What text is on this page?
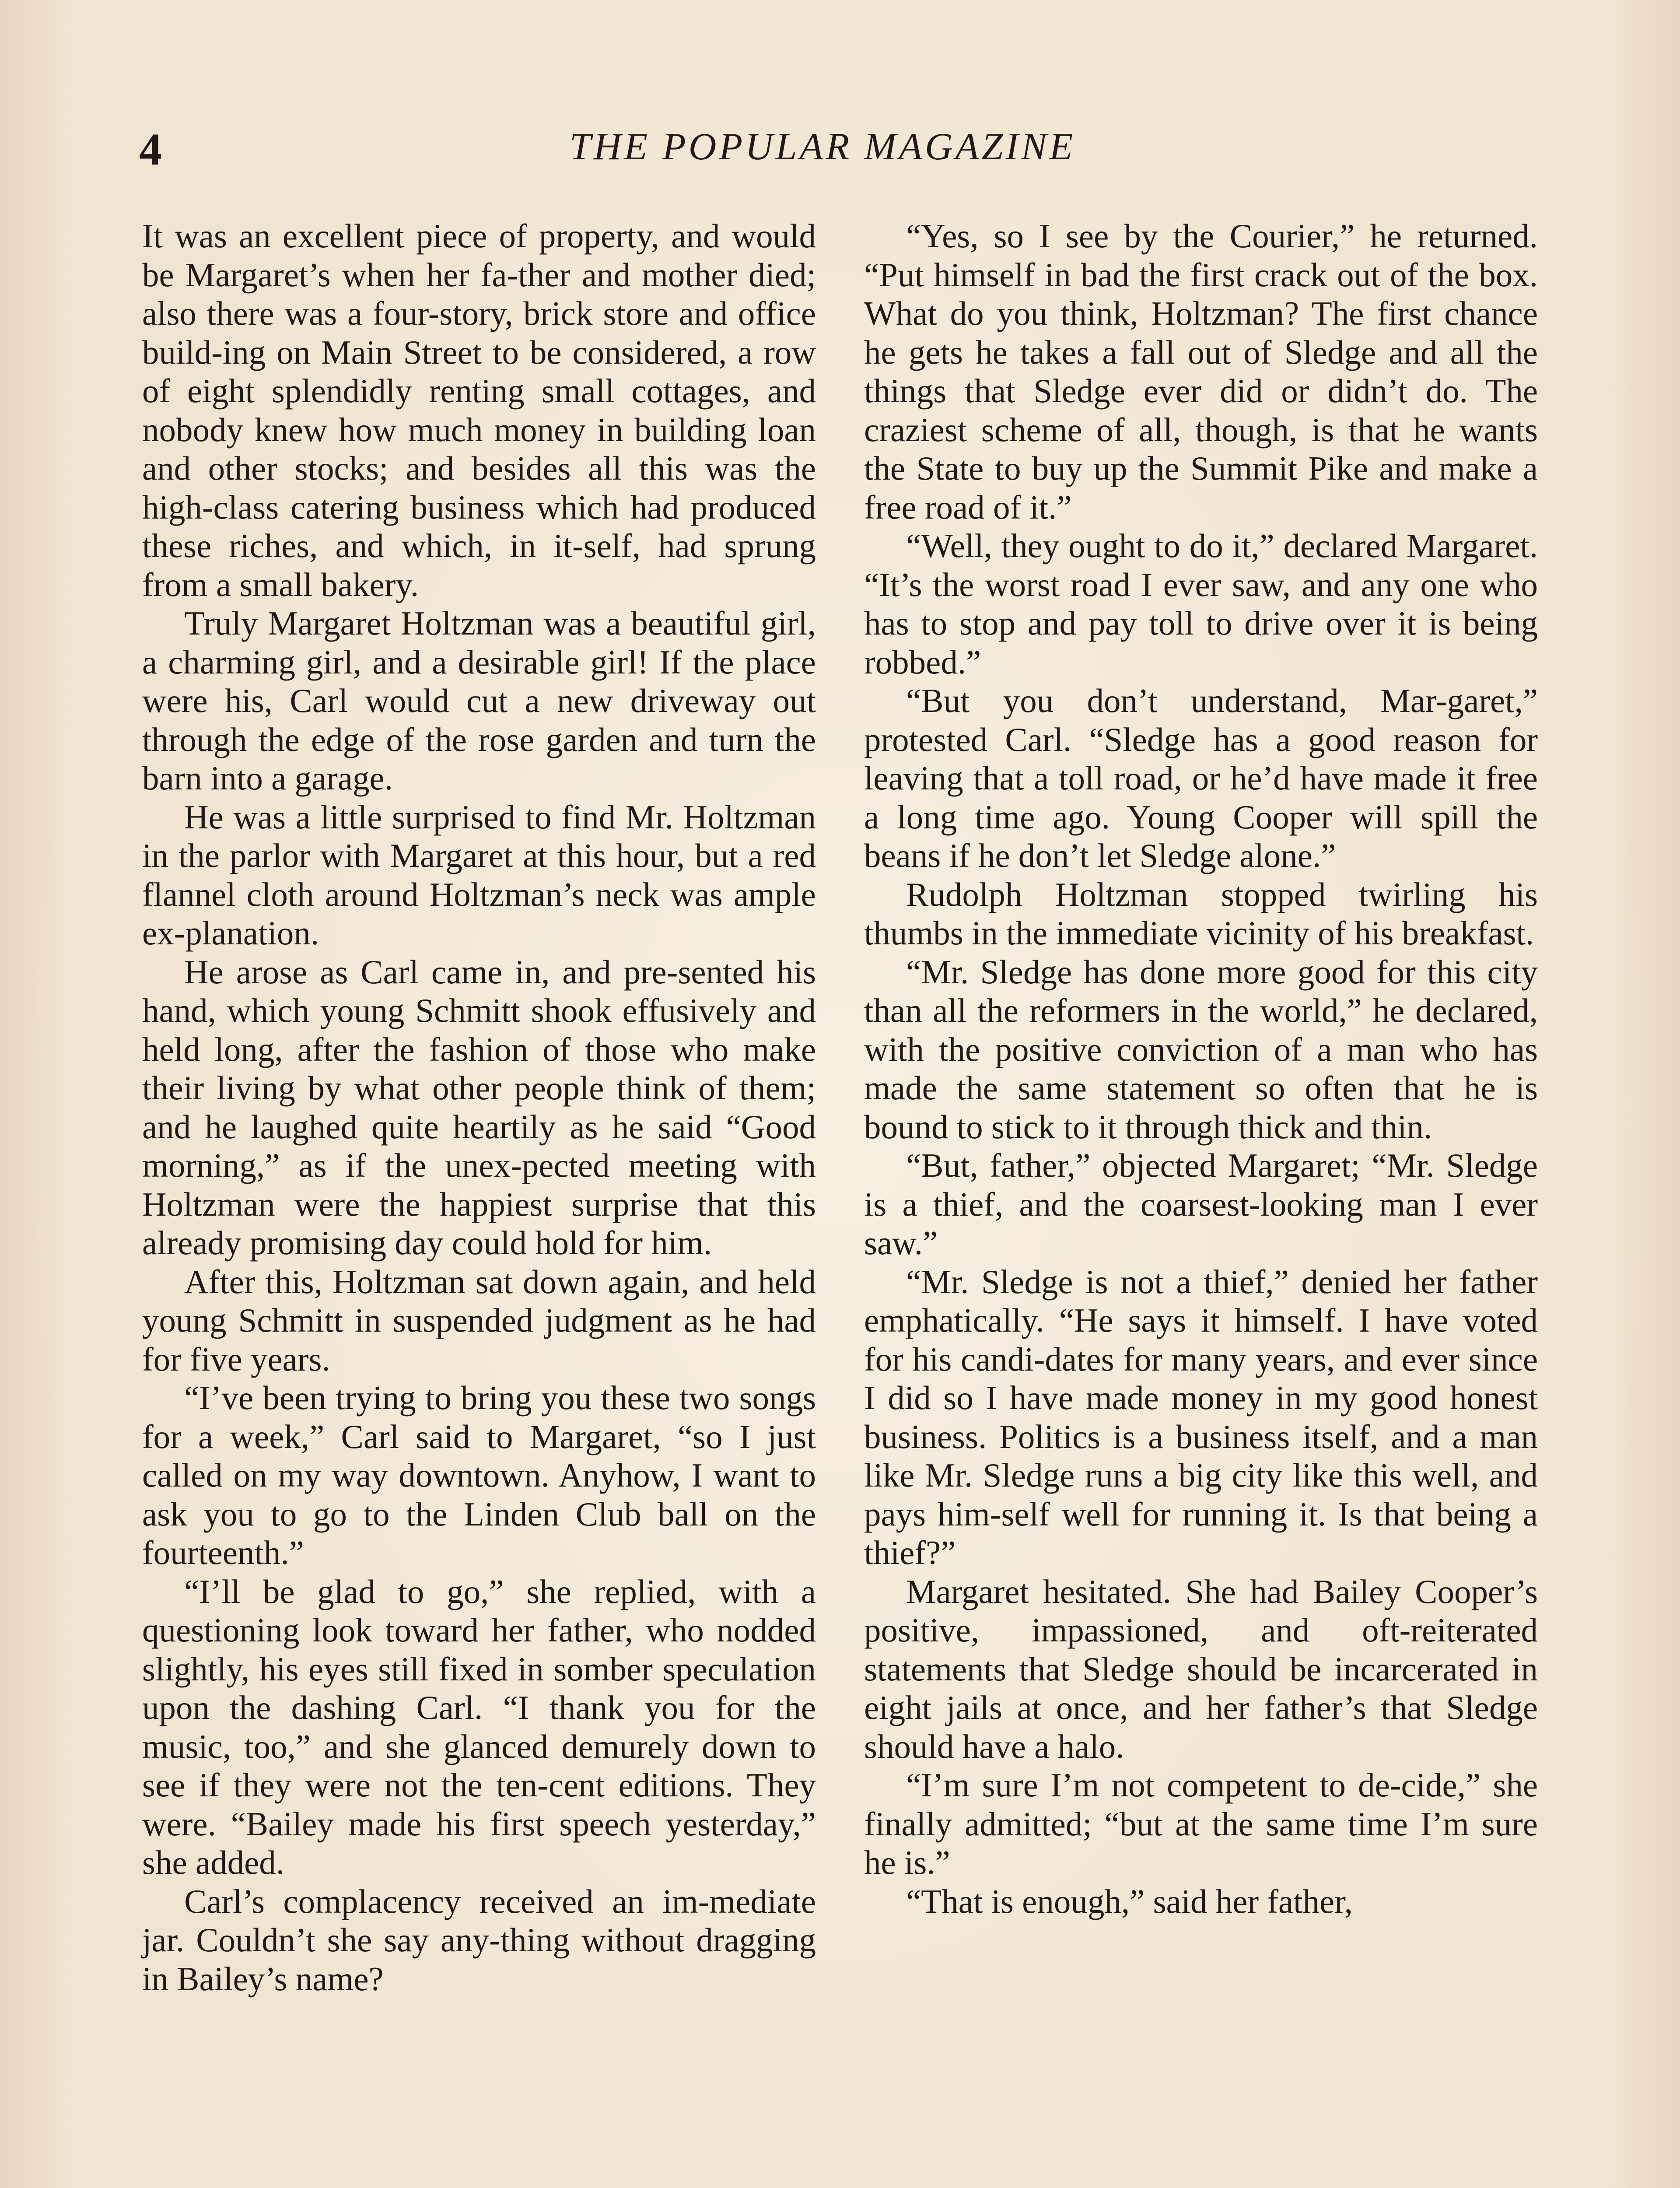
4	THE POPULAR MAGAZINE

It was an excellent piece of property, and would be Margaret’s when her fa-ther and mother died; also there was a four-story, brick store and office build-ing on Main Street to be considered, a row of eight splendidly renting small cottages, and nobody knew how much money in building loan and other stocks; and besides all this was the high-class catering business which had produced these riches, and which, in it-self, had sprung from a small bakery.

Truly Margaret Holtzman was a beautiful girl, a charming girl, and a desirable girl! If the place were his, Carl would cut a new driveway out through the edge of the rose garden and turn the barn into a garage.

He was a little surprised to find Mr. Holtzman in the parlor with Margaret at this hour, but a red flannel cloth around Holtzman’s neck was ample ex-planation.

He arose as Carl came in, and pre-sented his hand, which young Schmitt shook effusively and held long, after the fashion of those who make their living by what other people think of them; and he laughed quite heartily as he said “Good morning,” as if the unex-pected meeting with Holtzman were the happiest surprise that this already promising day could hold for him.

After this, Holtzman sat down again, and held young Schmitt in suspended judgment as he had for five years.

“I’ve been trying to bring you these two songs for a week,” Carl said to Margaret, “so I just called on my way downtown. Anyhow, I want to ask you to go to the Linden Club ball on the fourteenth.”

“I’ll be glad to go,” she replied, with a questioning look toward her father, who nodded slightly, his eyes still fixed in somber speculation upon the dashing Carl. “I thank you for the music, too,” and she glanced demurely down to see if they were not the ten-cent editions. They were. “Bailey made his first speech yesterday,” she added.

Carl’s complacency received an im-mediate jar. Couldn’t she say any-thing without dragging in Bailey’s name?

“Yes, so I see by the Courier,” he returned. “Put himself in bad the first crack out of the box. What do you think, Holtzman? The first chance he gets he takes a fall out of Sledge and all the things that Sledge ever did or didn’t do. The craziest scheme of all, though, is that he wants the State to buy up the Summit Pike and make a free road of it.”

“Well, they ought to do it,” declared Margaret. “It’s the worst road I ever saw, and any one who has to stop and pay toll to drive over it is being robbed.”

“But you don’t understand, Mar-garet,” protested Carl. “Sledge has a good reason for leaving that a toll road, or he’d have made it free a long time ago. Young Cooper will spill the beans if he don’t let Sledge alone.”

Rudolph Holtzman stopped twirling his thumbs in the immediate vicinity of his breakfast.

“Mr. Sledge has done more good for this city than all the reformers in the world,” he declared, with the positive conviction of a man who has made the same statement so often that he is bound to stick to it through thick and thin.

“But, father,” objected Margaret; “Mr. Sledge is a thief, and the coarsest-looking man I ever saw.”

“Mr. Sledge is not a thief,” denied her father emphatically. “He says it himself. I have voted for his candi-dates for many years, and ever since I did so I have made money in my good honest business. Politics is a business itself, and a man like Mr. Sledge runs a big city like this well, and pays him-self well for running it. Is that being a thief?”

Margaret hesitated. She had Bailey Cooper’s positive, impassioned, and oft-reiterated statements that Sledge should be incarcerated in eight jails at once, and her father’s that Sledge should have a halo.

“I’m sure I’m not competent to de-cide,” she finally admitted; “but at the same time I’m sure he is.”

“That is enough,” said her father,
